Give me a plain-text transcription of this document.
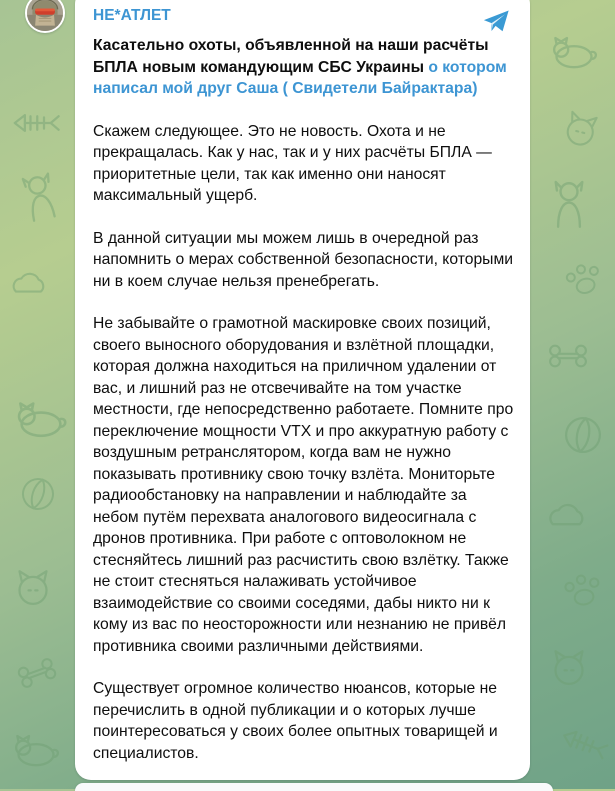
НЕ*АТЛЕТ

Касательно охоты, объявленной на наши расчёты БПЛА новым командующим СБС Украины о котором написал мой друг Саша ( Свидетели Байрактара)

Скажем следующее. Это не новость. Охота и не прекращалась. Как у нас, так и у них расчёты БПЛА — приоритетные цели, так как именно они наносят максимальный ущерб.

В данной ситуации мы можем лишь в очередной раз напомнить о мерах собственной безопасности, которыми ни в коем случае нельзя пренебрегать.

Не забывайте о грамотной маскировке своих позиций, своего выносного оборудования и взлётной площадки, которая должна находиться на приличном удалении от вас, и лишний раз не отсвечивайте на том участке местности, где непосредственно работаете. Помните про переключение мощности VTX и про аккуратную работу с воздушным ретранслятором, когда вам не нужно показывать противнику свою точку взлёта. Мониторьте радиообстановку на направлении и наблюдайте за небом путём перехвата аналогового видеосигнала с дронов противника. При работе с оптоволокном не стесняйтесь лишний раз расчистить свою взлётку. Также не стоит стесняться налаживать устойчивое взаимодействие со своими соседями, дабы никто ни к кому из вас по неосторожности или незнанию не привёл противника своими различными действиями.

Существует огромное количество нюансов, которые не перечислить в одной публикации и о которых лучше поинтересоваться у своих более опытных товарищей и специалистов.
